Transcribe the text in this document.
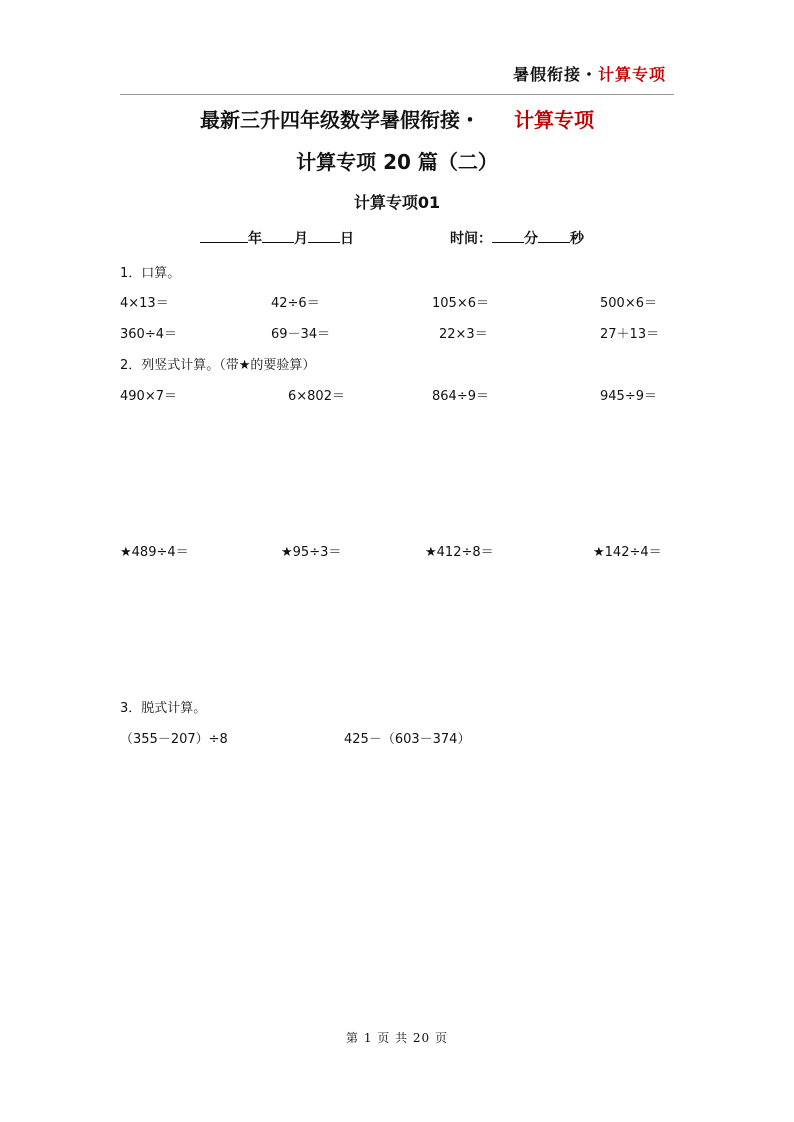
暑假衔接・计算专项
最新三升四年级数学暑假衔接・ 计算专项
计算专项 20 篇（二）
计算专项01
年 月 日	时间： 分 秒
1．口算。
4×13＝	42÷6＝	105×6＝	500×6＝
360÷4＝	69－34＝	22×3＝	27＋13＝
2．列竖式计算。（带★的要验算）
490×7＝	6×802＝	864÷9＝	945÷9＝
★489÷4＝	★95÷3＝	★412÷8＝	★142÷4＝
3．脱式计算。
（355－207）÷8	425－（603－374）
第 1 页 共 20 页
